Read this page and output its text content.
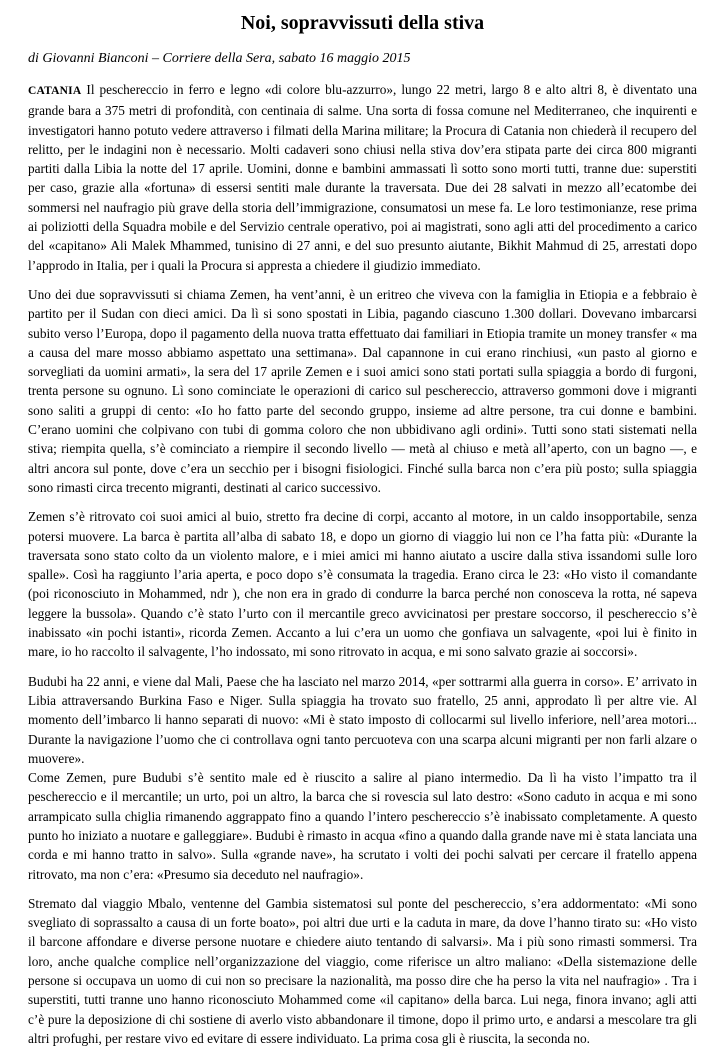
Noi, sopravvissuti della stiva
di Giovanni Bianconi – Corriere della Sera, sabato 16 maggio 2015

CATANIA Il peschereccio in ferro e legno «di colore blu-azzurro», lungo 22 metri, largo 8 e alto altri 8, è diventato una grande bara a 375 metri di profondità, con centinaia di salme. Una sorta di fossa comune nel Mediterraneo, che inquirenti e investigatori hanno potuto vedere attraverso i filmati della Marina militare; la Procura di Catania non chiederà il recupero del relitto, per le indagini non è necessario. Molti cadaveri sono chiusi nella stiva dov’era stipata parte dei circa 800 migranti partiti dalla Libia la notte del 17 aprile. Uomini, donne e bambini ammassati lì sotto sono morti tutti, tranne due: superstiti per caso, grazie alla «fortuna» di essersi sentiti male durante la traversata. Due dei 28 salvati in mezzo all’ecatombe dei sommersi nel naufragio più grave della storia dell’immigrazione, consumatosi un mese fa. Le loro testimonianze, rese prima ai poliziotti della Squadra mobile e del Servizio centrale operativo, poi ai magistrati, sono agli atti del procedimento a carico del «capitano» Ali Malek Mhammed, tunisino di 27 anni, e del suo presunto aiutante, Bikhit Mahmud di 25, arrestati dopo l’approdo in Italia, per i quali la Procura si appresta a chiedere il giudizio immediato.

Uno dei due sopravvissuti si chiama Zemen, ha vent’anni, è un eritreo che viveva con la famiglia in Etiopia e a febbraio è partito per il Sudan con dieci amici. Da lì si sono spostati in Libia, pagando ciascuno 1.300 dollari. Dovevano imbarcarsi subito verso l’Europa, dopo il pagamento della nuova tratta effettuato dai familiari in Etiopia tramite un money transfer « ma a causa del mare mosso abbiamo aspettato una settimana». Dal capannone in cui erano rinchiusi, «un pasto al giorno e sorvegliati da uomini armati», la sera del 17 aprile Zemen e i suoi amici sono stati portati sulla spiaggia a bordo di furgoni, trenta persone su ognuno. Lì sono cominciate le operazioni di carico sul peschereccio, attraverso gommoni dove i migranti sono saliti a gruppi di cento: «Io ho fatto parte del secondo gruppo, insieme ad altre persone, tra cui donne e bambini. C’erano uomini che colpivano con tubi di gomma coloro che non ubbidivano agli ordini». Tutti sono stati sistemati nella stiva; riempita quella, s’è cominciato a riempire il secondo livello — metà al chiuso e metà all’aperto, con un bagno —, e altri ancora sul ponte, dove c’era un secchio per i bisogni fisiologici. Finché sulla barca non c’era più posto; sulla spiaggia sono rimasti circa trecento migranti, destinati al carico successivo.

Zemen s’è ritrovato coi suoi amici al buio, stretto fra decine di corpi, accanto al motore, in un caldo insopportabile, senza potersi muovere. La barca è partita all’alba di sabato 18, e dopo un giorno di viaggio lui non ce l’ha fatta più: «Durante la traversata sono stato colto da un violento malore, e i miei amici mi hanno aiutato a uscire dalla stiva issandomi sulle loro spalle». Così ha raggiunto l’aria aperta, e poco dopo s’è consumata la tragedia. Erano circa le 23: «Ho visto il comandante (poi riconosciuto in Mohammed, ndr ), che non era in grado di condurre la barca perché non conosceva la rotta, né sapeva leggere la bussola». Quando c’è stato l’urto con il mercantile greco avvicinatosi per prestare soccorso, il peschereccio s’è inabissato «in pochi istanti», ricorda Zemen. Accanto a lui c’era un uomo che gonfiava un salvagente, «poi lui è finito in mare, io ho raccolto il salvagente, l’ho indossato, mi sono ritrovato in acqua, e mi sono salvato grazie ai soccorsi».

Budubi ha 22 anni, e viene dal Mali, Paese che ha lasciato nel marzo 2014, «per sottrarmi alla guerra in corso». E’ arrivato in Libia attraversando Burkina Faso e Niger. Sulla spiaggia ha trovato suo fratello, 25 anni, approdato lì per altre vie. Al momento dell’imbarco li hanno separati di nuovo: «Mi è stato imposto di collocarmi sul livello inferiore, nell’area motori... Durante la navigazione l’uomo che ci controllava ogni tanto percuoteva con una scarpa alcuni migranti per non farli alzare o muovere».

Come Zemen, pure Budubi s’è sentito male ed è riuscito a salire al piano intermedio. Da lì ha visto l’impatto tra il peschereccio e il mercantile; un urto, poi un altro, la barca che si rovescia sul lato destro: «Sono caduto in acqua e mi sono arrampicato sulla chiglia rimanendo aggrappato fino a quando l’intero peschereccio s’è inabissato completamente. A questo punto ho iniziato a nuotare e galleggiare». Budubi è rimasto in acqua «fino a quando dalla grande nave mi è stata lanciata una corda e mi hanno tratto in salvo». Sulla «grande nave», ha scrutato i volti dei pochi salvati per cercare il fratello appena ritrovato, ma non c’era: «Presumo sia deceduto nel naufragio».

Stremato dal viaggio Mbalo, ventenne del Gambia sistematosi sul ponte del peschereccio, s’era addormentato: «Mi sono svegliato di soprassalto a causa di un forte boato», poi altri due urti e la caduta in mare, da dove l’hanno tirato su: «Ho visto il barcone affondare e diverse persone nuotare e chiedere aiuto tentando di salvarsi». Ma i più sono rimasti sommersi. Tra loro, anche qualche complice nell’organizzazione del viaggio, come riferisce un altro maliano: «Della sistemazione delle persone si occupava un uomo di cui non so precisare la nazionalità, ma posso dire che ha perso la vita nel naufragio» . Tra i superstiti, tutti tranne uno hanno riconosciuto Mohammed come «il capitano» della barca. Lui nega, finora invano; agli atti c’è pure la deposizione di chi sostiene di averlo visto abbandonare il timone, dopo il primo urto, e andarsi a mescolare tra gli altri profughi, per restare vivo ed evitare di essere individuato. La prima cosa gli è riuscita, la seconda no.
